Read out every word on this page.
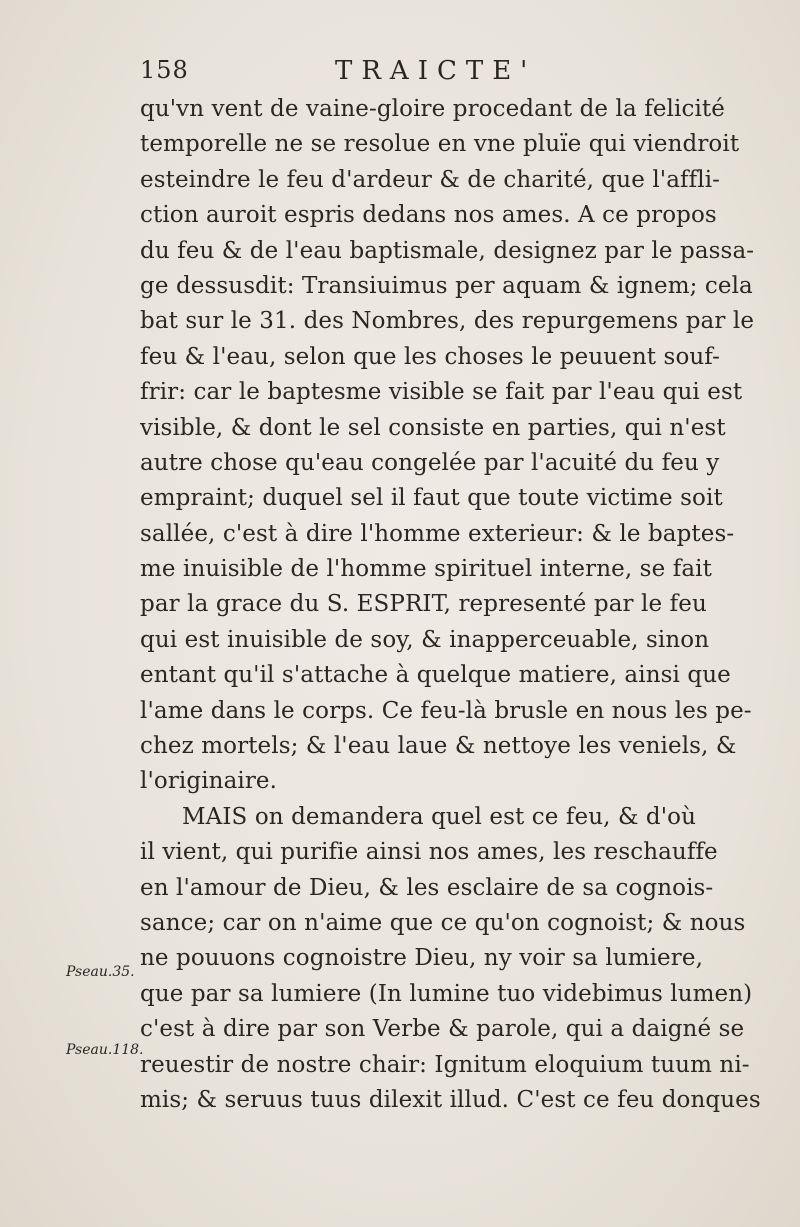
158	TRAICTE'
qu'vn vent de vaine-gloire procedant de la felicité
temporelle ne se resolue en vne pluïe qui viendroit
esteindre le feu d'ardeur & de charité, que l'affli-
ction auroit espris dedans nos ames. A ce propos
du feu & de l'eau baptismale, designez par le passa-
ge dessusdit: Transiuimus per aquam & ignem; cela
bat sur le 31. des Nombres, des repurgemens par le
feu & l'eau, selon que les choses le peuuent souf-
frir: car le baptesme visible se fait par l'eau qui est
visible, & dont le sel consiste en parties, qui n'est
autre chose qu'eau congelée par l'acuité du feu y
empraint; duquel sel il faut que toute victime soit
sallée, c'est à dire l'homme exterieur: & le baptes-
me inuisible de l'homme spirituel interne, se fait
par la grace du S. ESPRIT, representé par le feu
qui est inuisible de soy, & inapperceuable, sinon
entant qu'il s'attache à quelque matiere, ainsi que
l'ame dans le corps. Ce feu-là brusle en nous les pe-
chez mortels; & l'eau laue & nettoye les veniels, &
l'originaire.
MAIS on demandera quel est ce feu, & d'où
il vient, qui purifie ainsi nos ames, les reschauffe
en l'amour de Dieu, & les esclaire de sa cognois-
sance; car on n'aime que ce qu'on cognoist; & nous
ne pouuons cognoistre Dieu, ny voir sa lumiere,
que par sa lumiere (In lumine tuo videbimus lumen)
c'est à dire par son Verbe & parole, qui a daigné se
reuestir de nostre chair: Ignitum eloquium tuum ni-
mis; & seruus tuus dilexit illud. C'est ce feu donques
Pseau.35.
Pseau.118.
